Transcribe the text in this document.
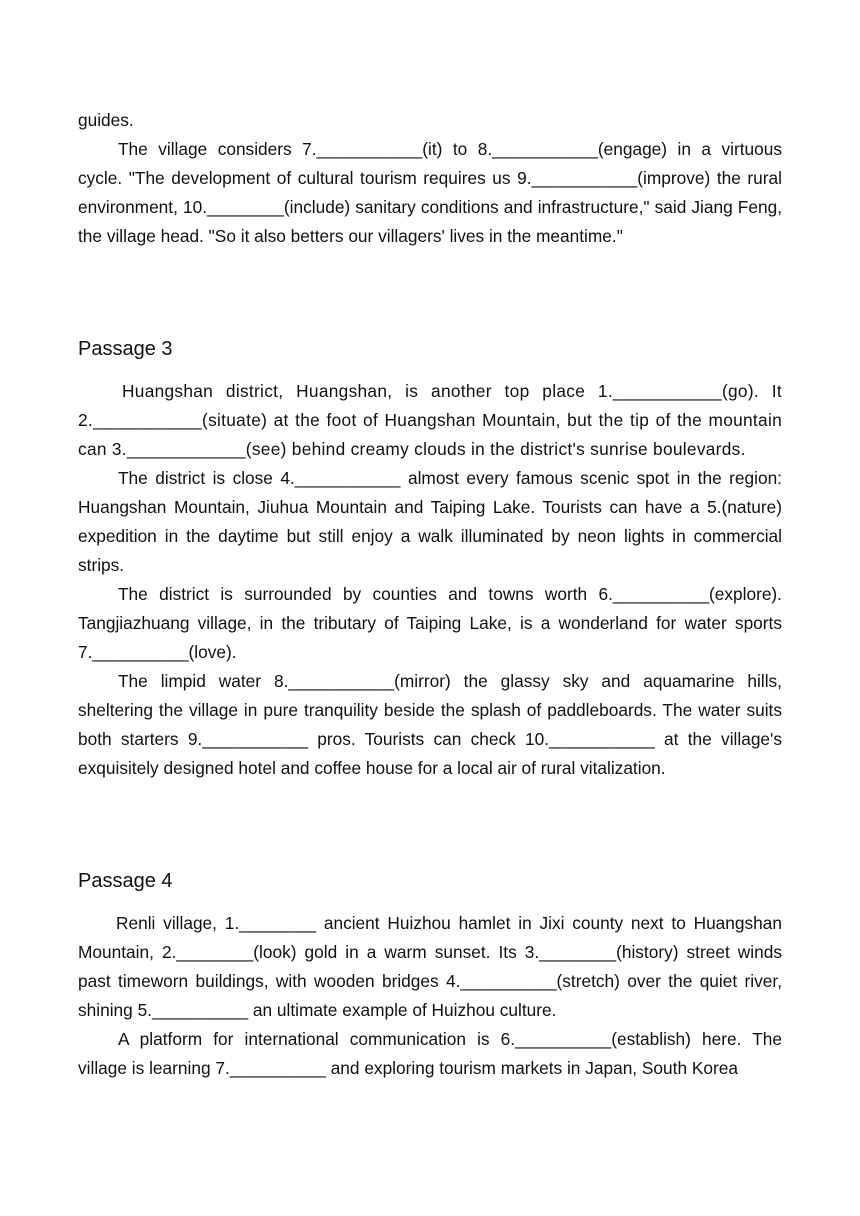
guides.

The village considers 7.___________(it) to 8.___________(engage) in a virtuous cycle. "The development of cultural tourism requires us 9.___________(improve) the rural environment, 10.________(include) sanitary conditions and infrastructure," said Jiang Feng, the village head. "So it also betters our villagers' lives in the meantime."

Passage 3

Huangshan district, Huangshan, is another top place 1.___________(go). It 2.___________(situate) at the foot of Huangshan Mountain, but the tip of the mountain can 3.____________(see) behind creamy clouds in the district's sunrise boulevards.

The district is close 4.___________ almost every famous scenic spot in the region: Huangshan Mountain, Jiuhua Mountain and Taiping Lake. Tourists can have a 5.(nature) expedition in the daytime but still enjoy a walk illuminated by neon lights in commercial strips.

The district is surrounded by counties and towns worth 6.__________(explore). Tangjiazhuang village, in the tributary of Taiping Lake, is a wonderland for water sports 7.__________(love).

The limpid water 8.___________(mirror) the glassy sky and aquamarine hills, sheltering the village in pure tranquility beside the splash of paddleboards. The water suits both starters 9.___________ pros. Tourists can check 10.___________ at the village's exquisitely designed hotel and coffee house for a local air of rural vitalization.

Passage 4

Renli village, 1.________ ancient Huizhou hamlet in Jixi county next to Huangshan Mountain, 2.________(look) gold in a warm sunset. Its 3.________(history) street winds past timeworn buildings, with wooden bridges 4.__________(stretch) over the quiet river, shining 5.__________ an ultimate example of Huizhou culture.

A platform for international communication is 6.__________(establish) here. The village is learning 7.__________ and exploring tourism markets in Japan, South Korea
